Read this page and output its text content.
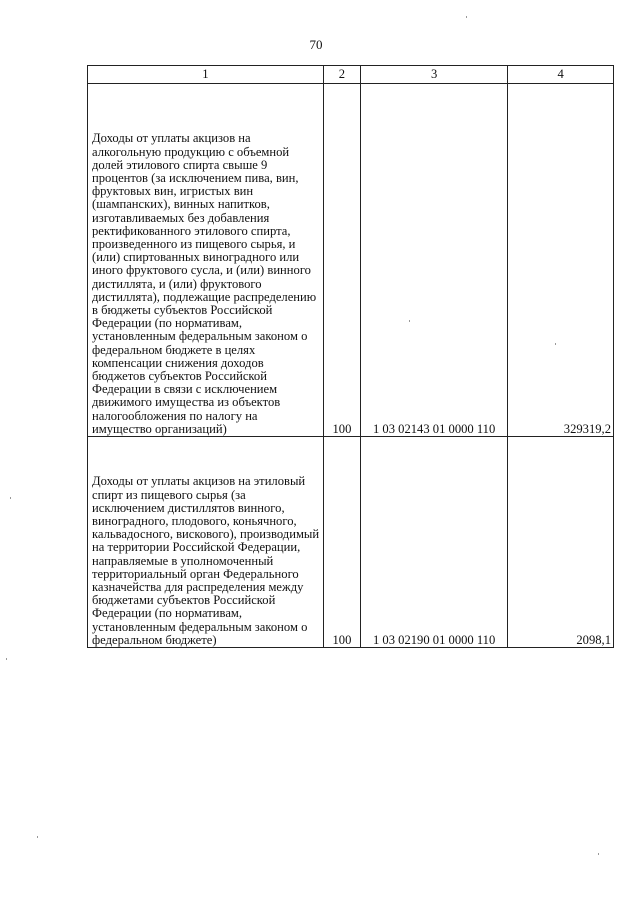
70
1	2	3	4
Доходы от уплаты акцизов на алкогольную продукцию с объемной долей этилового спирта свыше 9 процентов (за исключением пива, вин, фруктовых вин, игристых вин (шампанских), винных напитков, изготавливаемых без добавления ректификованного этилового спирта, произведенного из пищевого сырья, и (или) спиртованных виноградного или иного фруктового сусла, и (или) винного дистиллята, и (или) фруктового дистиллята), подлежащие распределению в бюджеты субъектов Российской Федерации (по нормативам, установленным федеральным законом о федеральном бюджете в целях компенсации снижения доходов бюджетов субъектов Российской Федерации в связи с исключением движимого имущества из объектов налогообложения по налогу на имущество организаций)	100	1 03 02143 01 0000 110	329319,2
Доходы от уплаты акцизов на этиловый спирт из пищевого сырья (за исключением дистиллятов винного, виноградного, плодового, коньячного, кальвадосного, вискового), производимый на территории Российской Федерации, направляемые в уполномоченный территориальный орган Федерального казначейства для распределения между бюджетами субъектов Российской Федерации (по нормативам, установленным федеральным законом о федеральном бюджете)	100	1 03 02190 01 0000 110	2098,1
